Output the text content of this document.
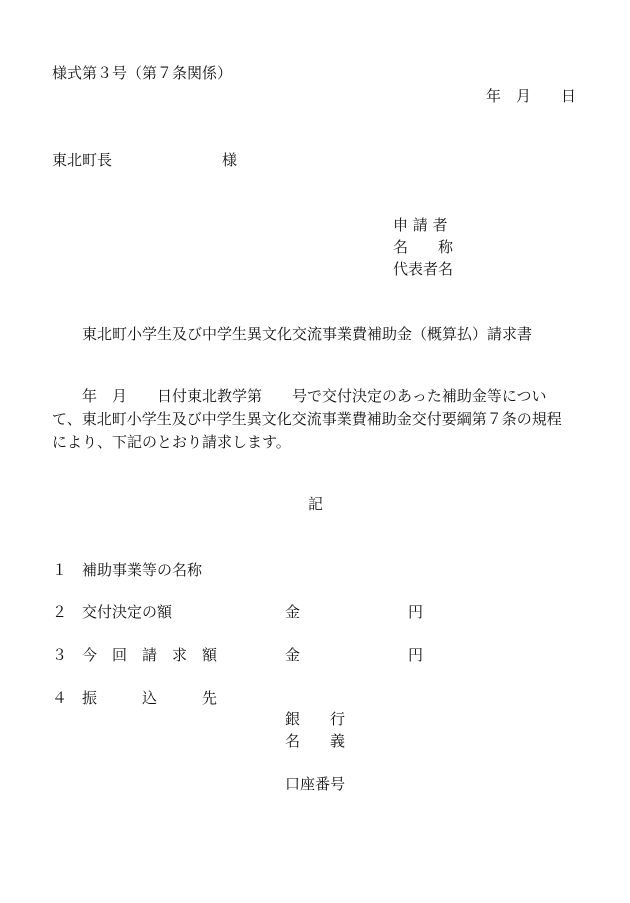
様式第３号（第７条関係）
年　月　　日
東北町長	様
申 請 者
名　　称
代表者名
東北町小学生及び中学生異文化交流事業費補助金（概算払）請求書
　　年　月　　日付東北教学第　　号で交付決定のあった補助金等につい
て、東北町小学生及び中学生異文化交流事業費補助金交付要綱第７条の規程
により、下記のとおり請求します。
記
１ 補助事業等の名称
２ 交付決定の額	金	円
３ 今　回　請　求　額	金	円
４ 振　　　込　　　先
銀　　行
名　　義
口座番号
